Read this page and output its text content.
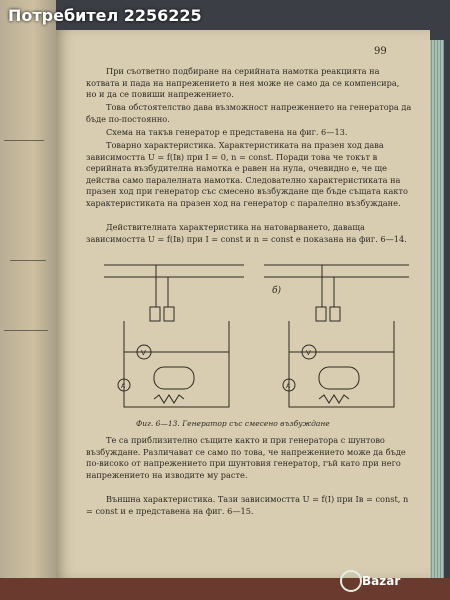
99

При съответно подбиране на серийната намотка реакцията на котвата и пада на напрежението в нея може не само да се компенсира, но и да се повиши напрежението.

Това обстоятелство дава възможност напрежението на генератора да бъде по-постоянно.

Схема на такъв генератор е представена на фиг. 6—13.

Товарно характеристика. Характеристиката на празен ход дава зависимостта U = f(Iв) при I = 0, n = const. Поради това че токът в серийната възбудителна намотка е равен на нула, очевидно е, че ще действа само паралелната намотка. Следователно характеристиката на празен ход при генератор със смесено възбуждане ще бъде същата както характеристиката на празен ход на генератор с паралелно възбуждане.

Действителната характеристика на натоварването, даваща зависимостта U = f(Iв) при I = const и n = const е показана на фиг. 6—14.

б)
V	V
A	A
Фиг. 6—13. Генератор със смесено възбуждане

Те са приблизително същите както и при генератора с шунтово възбуждане. Различават се само по това, че напрежението може да бъде по-високо от напрежението при шунтовия генератор, гъй като при него напрежението на изводите му расте.

Външна характеристика. Тази зависимостта U = f(I) при Iв = const, n = const и е представена на фиг. 6—15.

Bazar
Потребител 2256225
